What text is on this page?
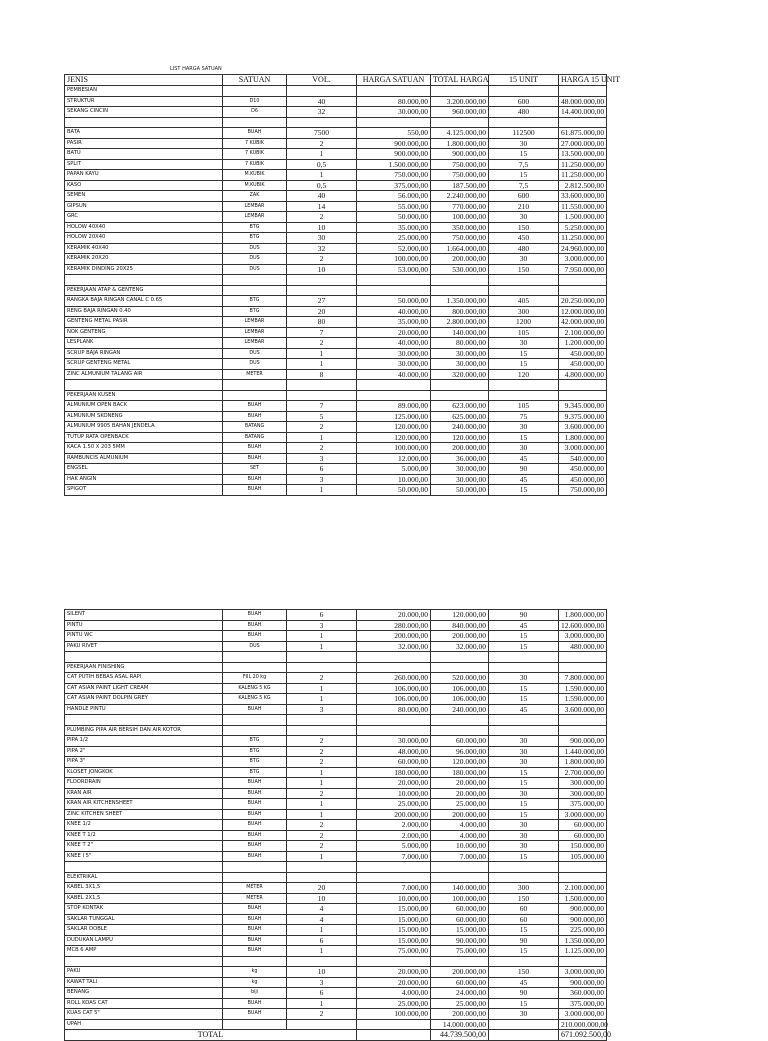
LIST HARGA SATUAN
JENIS	SATUAN	VOL.	HARGA SATUAN	TOTAL HARGA	15 UNIT	HARGA 15 UNIT
PEMBESIAN						
STRUKTUR	D10	40	80.000,00	3.200.000,00	600	48.000.000,00
SEKANG CINCIN	D6	32	30.000,00	960.000,00	480	14.400.000,00

BATA	BUAH	7500	550,00	4.125.000,00	112500	61.875.000,00
PASIR	7 KUBIK	2	900.000,00	1.800.000,00	30	27.000.000,00
BATU	7 KUBIK	1	900.000,00	900.000,00	15	13.500.000,00
SPLIT	7 KUBIK	0,5	1.500.000,00	750.000,00	7,5	11.250.000,00
PAPAN KAYU	M.KUBIK	1	750.000,00	750.000,00	15	11.250.000,00
KASO	M.KUBIK	0,5	375.000,00	187.500,00	7,5	2.812.500,00
SEMEN	ZAK	40	56.000,00	2.240.000,00	600	33.600.000,00
GIPSUN	LEMBAR	14	55.000,00	770.000,00	210	11.550.000,00
GRC	LEMBAR	2	50.000,00	100.000,00	30	1.500.000,00
HOLOW 40X40	BTG	10	35.000,00	350.000,00	150	5.250.000,00
HOLOW 20X40	BTG	30	25.000,00	750.000,00	450	11.250.000,00
KERAMIK 40X40	DUS	32	52.000,00	1.664.000,00	480	24.960.000,00
KERAMIK 20X20	DUS	2	100.000,00	200.000,00	30	3.000.000,00
KERAMIK DINDING 20X25	DUS	10	53.000,00	530.000,00	150	7.950.000,00

PEKERJAAN ATAP & GENTENG						
RANGKA BAJA RINGAN CANAL C 0.65	BTG	27	50.000,00	1.350.000,00	405	20.250.000,00
RENG BAJA RINGAN 0.40	BTG	20	40.000,00	800.000,00	300	12.000.000,00
GENTENG METAL PASIR	LEMBAR	80	35.000,00	2.800.000,00	1200	42.000.000,00
NOK GENTENG	LEMBAR	7	20.000,00	140.000,00	105	2.100.000,00
LESPLANK	LEMBAR	2	40.000,00	80.000,00	30	1.200.000,00
SCRUP BAJA RINGAN	DUS	1	30.000,00	30.000,00	15	450.000,00
SCRUP GENTENG METAL	DUS	1	30.000,00	30.000,00	15	450.000,00
ZINC ALMUNIUM TALANG AIR	METER	8	40.000,00	320.000,00	120	4.800.000,00

PEKERJAAN KUSEN						
ALMUNIUM OPEN BACK	BUAH	7	89.000,00	623.000,00	105	9.345.000,00
ALMUNIUM SKONENG	BUAH	5	125.000,00	625.000,00	75	9.375.000,00
ALMUNIUM 9905 BAHAN JENDELA	BATANG	2	120.000,00	240.000,00	30	3.600.000,00
TUTUP RATA OPENBACK	BATANG	1	120.000,00	120.000,00	15	1.800.000,00
KACA 1.50 X 203 5MM	BUAH	2	100.000,00	200.000,00	30	3.000.000,00
RAMBUNCIS ALMUNIUM	BUAH	3	12.000,00	36.000,00	45	540.000,00
ENGSEL	SET	6	5.000,00	30.000,00	90	450.000,00
HAK ANGIN	BUAH	3	10.000,00	30.000,00	45	450.000,00
SPIGOT	BUAH	1	50.000,00	50.000,00	15	750.000,00
SILENT	BUAH	6	20.000,00	120.000,00	90	1.800.000,00
PINTU	BUAH	3	280.000,00	840.000,00	45	12.600.000,00
PINTU WC	BUAH	1	200.000,00	200.000,00	15	3.000.000,00
PAKU RIVET	DUS	1	32.000,00	32.000,00	15	480.000,00

PEKERJAAN FINISHING						
CAT PUTIH BEBAS ASAL RAPI	FIIL 20 kg	2	260.000,00	520.000,00	30	7.800.000,00
CAT ASIAN PAINT LIGHT CREAM	KALENG 5 KG	1	106.000,00	106.000,00	15	1.590.000,00
CAT ASIAN PAINT DOLPIN GREY	KALENG 5 KG	1	106.000,00	106.000,00	15	1.590.000,00
HANDLE PINTU	BUAH	3	80.000,00	240.000,00	45	3.600.000,00

PLUMBING PIPA AIR BERSIH DAN AIR KOTOR						
PIPA 1/2	BTG	2	30.000,00	60.000,00	30	900.000,00
PIPA 2"	BTG	2	48.000,00	96.000,00	30	1.440.000,00
PIPA 3"	BTG	2	60.000,00	120.000,00	30	1.800.000,00
KLOSET JONGKOK	BTG	1	180.000,00	180.000,00	15	2.700.000,00
FLOORDRAIN	BUAH	1	20.000,00	20.000,00	15	300.000,00
KRAN AIR	BUAH	2	10.000,00	20.000,00	30	300.000,00
KRAN AIR KITCHENSHEET	BUAH	1	25.000,00	25.000,00	15	375.000,00
ZINC KITCHEN SHEET	BUAH	1	200.000,00	200.000,00	15	3.000.000,00
KNEE 1/2	BUAH	2	2.000,00	4.000,00	30	60.000,00
KNEE T 1/2	BUAH	2	2.000,00	4.000,00	30	60.000,00
KNEE T 2"	BUAH	2	5.000,00	10.000,00	30	150.000,00
KNEE I 5"	BUAH	1	7.000,00	7.000,00	15	105.000,00

ELEKTRIKAL						
KABEL 3X1,5	METER	20	7.000,00	140.000,00	300	2.100.000,00
KABEL 2X1,5	METER	10	10.000,00	100.000,00	150	1.500.000,00
STOP KONTAK	BUAH	4	15.000,00	60.000,00	60	900.000,00
SAKLAR TUNGGAL	BUAH	4	15.000,00	60.000,00	60	900.000,00
SAKLAR DOBLE	BUAH	1	15.000,00	15.000,00	15	225.000,00
DUDUKAN LAMPU	BUAH	6	15.000,00	90.000,00	90	1.350.000,00
MCB 6 AMP	BUAH	1	75.000,00	75.000,00	15	1.125.000,00

PAKU	kg	10	20.000,00	200.000,00	150	3.000.000,00
KAWAT TALI	kg	3	20.000,00	60.000,00	45	900.000,00
BENANG	biji	6	4.000,00	24.000,00	90	360.000,00
ROLL KOAS CAT	BUAH	1	25.000,00	25.000,00	15	375.000,00
KUAS CAT 5"	BUAH	2	100.000,00	200.000,00	30	3.000.000,00
UPAH				14.000.000,00		210.000.000,00
TOTAL				44.739.500,00		671.092.500,00
